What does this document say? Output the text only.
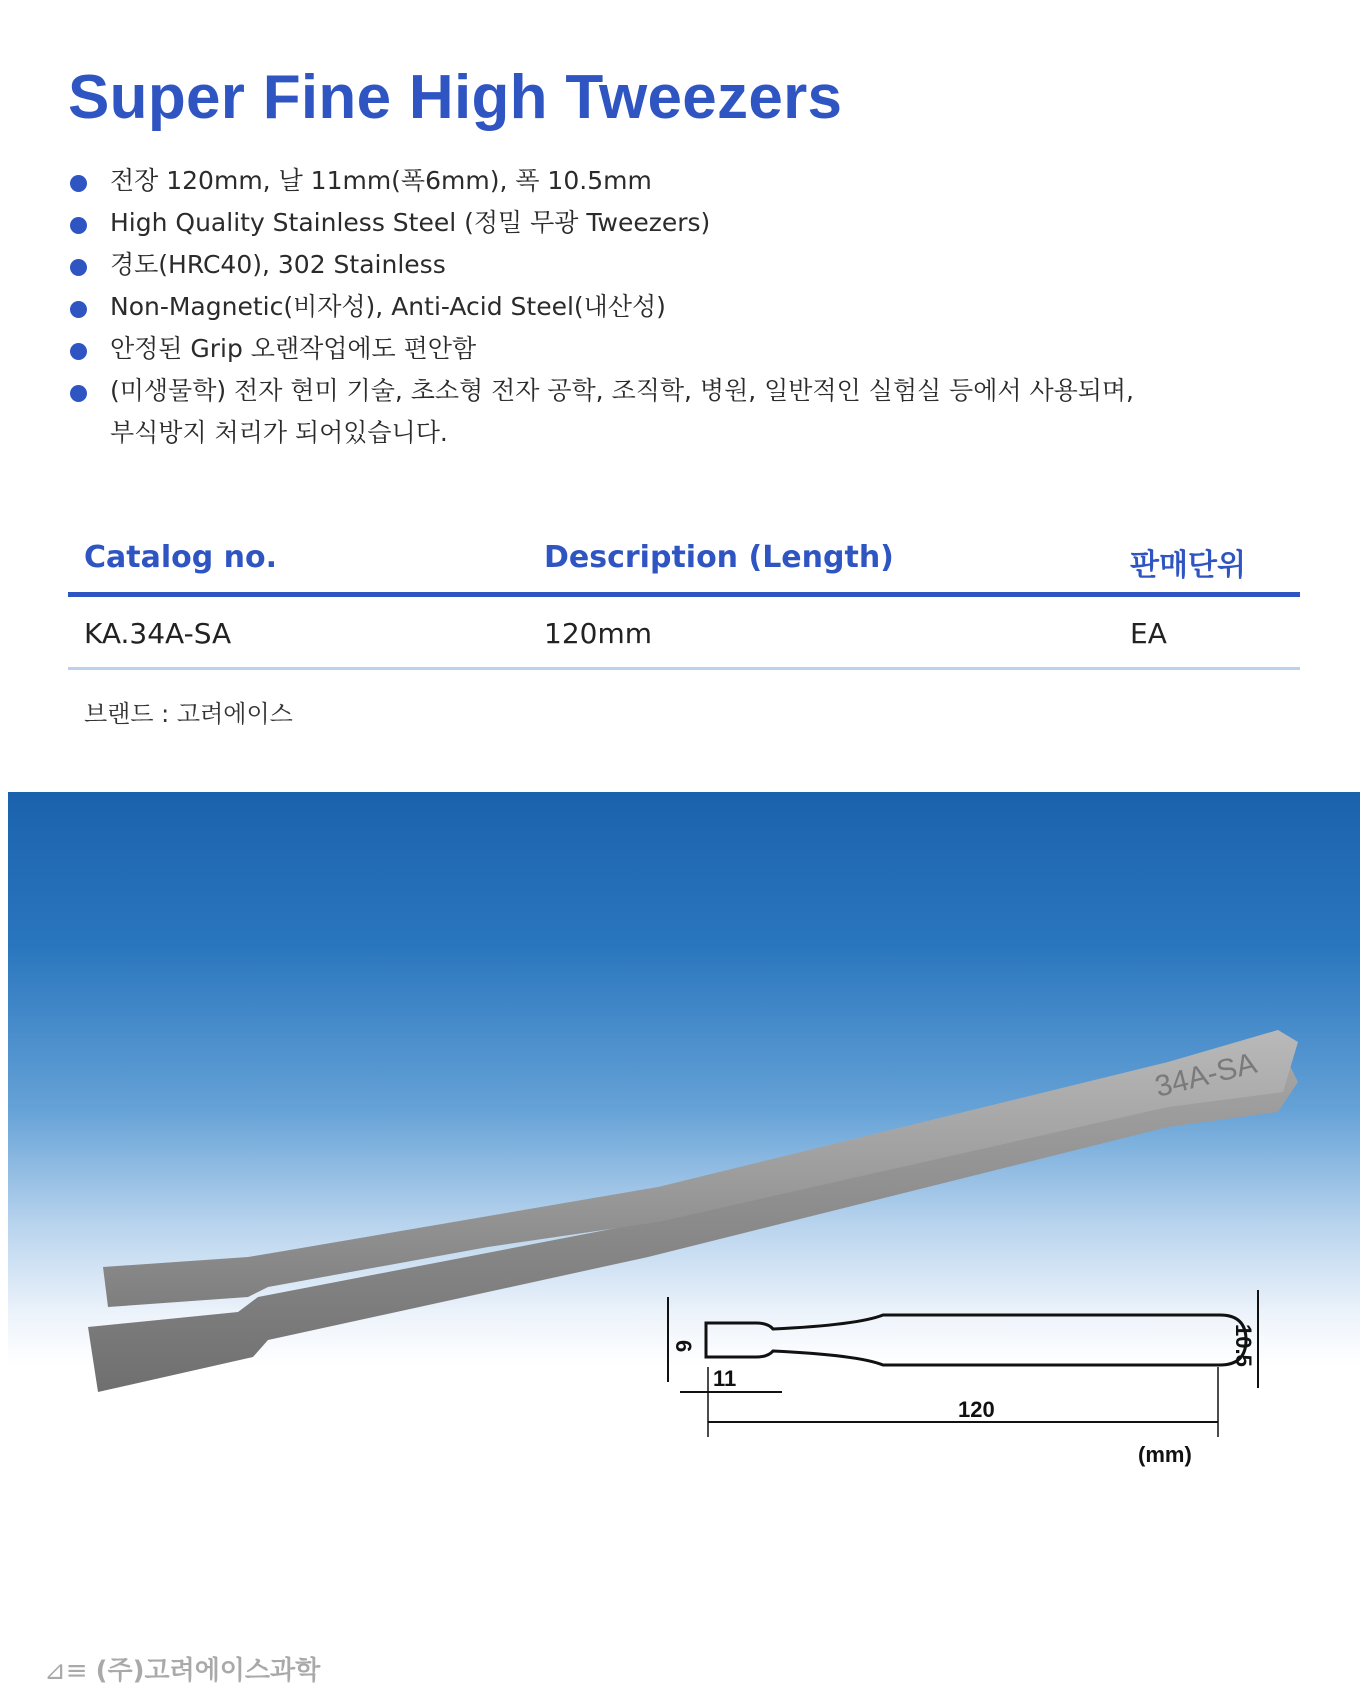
Super Fine High Tweezers
전장 120mm, 날 11mm(폭6mm), 폭 10.5mm
High Quality Stainless Steel (정밀 무광 Tweezers)
경도(HRC40), 302 Stainless
Non-Magnetic(비자성), Anti-Acid Steel(내산성)
안정된 Grip 오랜작업에도 편안함
(미생물학) 전자 현미 기술, 초소형 전자 공학, 조직학, 병원, 일반적인 실험실 등에서 사용되며,
부식방지 처리가 되어있습니다.
Catalog no.	Description (Length)	판매단위
KA.34A-SA	120mm	EA
브랜드 : 고려에이스
34A-SA
6
11
120
10.5
(mm)
⊿≡ (주)고려에이스과학
